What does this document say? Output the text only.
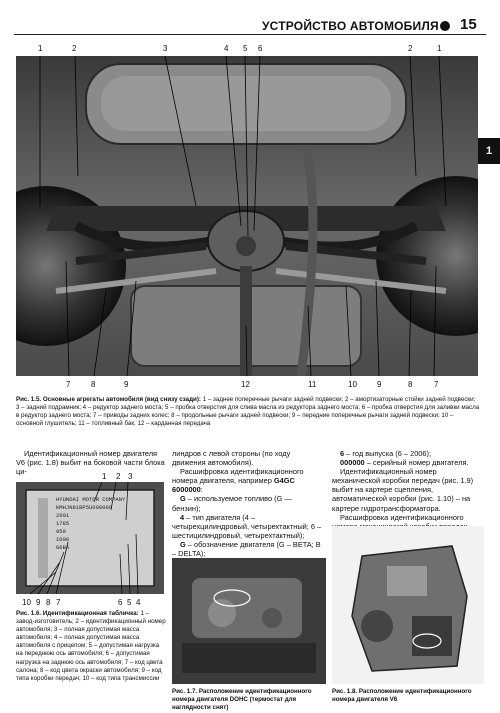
УСТРОЙСТВО АВТОМОБИЛЯ 15
1
1	2	3	4 5 6	2	1
7	8	9	12	11	10	9	8	7
Рис. 1.5. Основные агрегаты автомобиля (вид снизу сзади): 1 – заднее поперечные рычаги задней подвески; 2 – амортизаторные стойки задней подвески; 3 – задний подрамник; 4 – редуктор заднего моста; 5 – пробка отверстия для слива масла из редуктора заднего моста; 6 – пробка отверстия для заливки масла в редуктор заднего моста; 7 – приводы задних колес; 8 – продольные рычаги задней подвески; 9 – передние поперечные рычаги задней подвески; 10 – основной глушитель; 11 – топливный бак; 12 – карданная передача

Идентификационный номер двигателя V6 (рис. 1.8) выбит на боковой части блока ци-

1 2 3
HYUNDAI MOTOR COMPANY
KMHJN81BP5U000000
2001
1785
950
1000
G6BA
10 9 8 7	6 5 4
Рис. 1.6. Идентификационная табличка: 1 – завод-изготовитель; 2 – идентификационный номер автомобиля; 3 – полная допустимая масса автомобиля; 4 – полная допустимая масса автомобиля с прицепом; 5 – допустимая нагрузка на переднюю ось автомобиля; 6 – допустимая нагрузка на заднюю ось автомобиля; 7 – код цвета салона; 8 – код цвета окраски автомобиля; 9 – код типа коробки передач; 10 – код типа трансмиссии

линдров с левой стороны (по ходу движения автомобиля).

Расшифровка идентификационного номера двигателя, например G4GC 6000000:

G – используемое топливо (G — бензин);

4 – тип двигателя (4 – четырехцилиндровый, четырехтактный; 6 – шестицилиндровый, четырехтактный);

G – обозначение двигателя (G – BETA; B – DELTA);

Рис. 1.7. Расположение идентификационного номера двигателя DOHC (термостат для наглядности снят)

6 – год выпуска (6 – 2006);

000000 – серийный номер двигателя.

Идентификационный номер механической коробки передач (рис. 1.9) выбит на картере сцепления, автоматической коробки (рис. 1.10) – на картере гидротрансформатора.

Расшифровка идентификационного

Рис. 1.8. Расположение идентификационного номера двигателя V6
